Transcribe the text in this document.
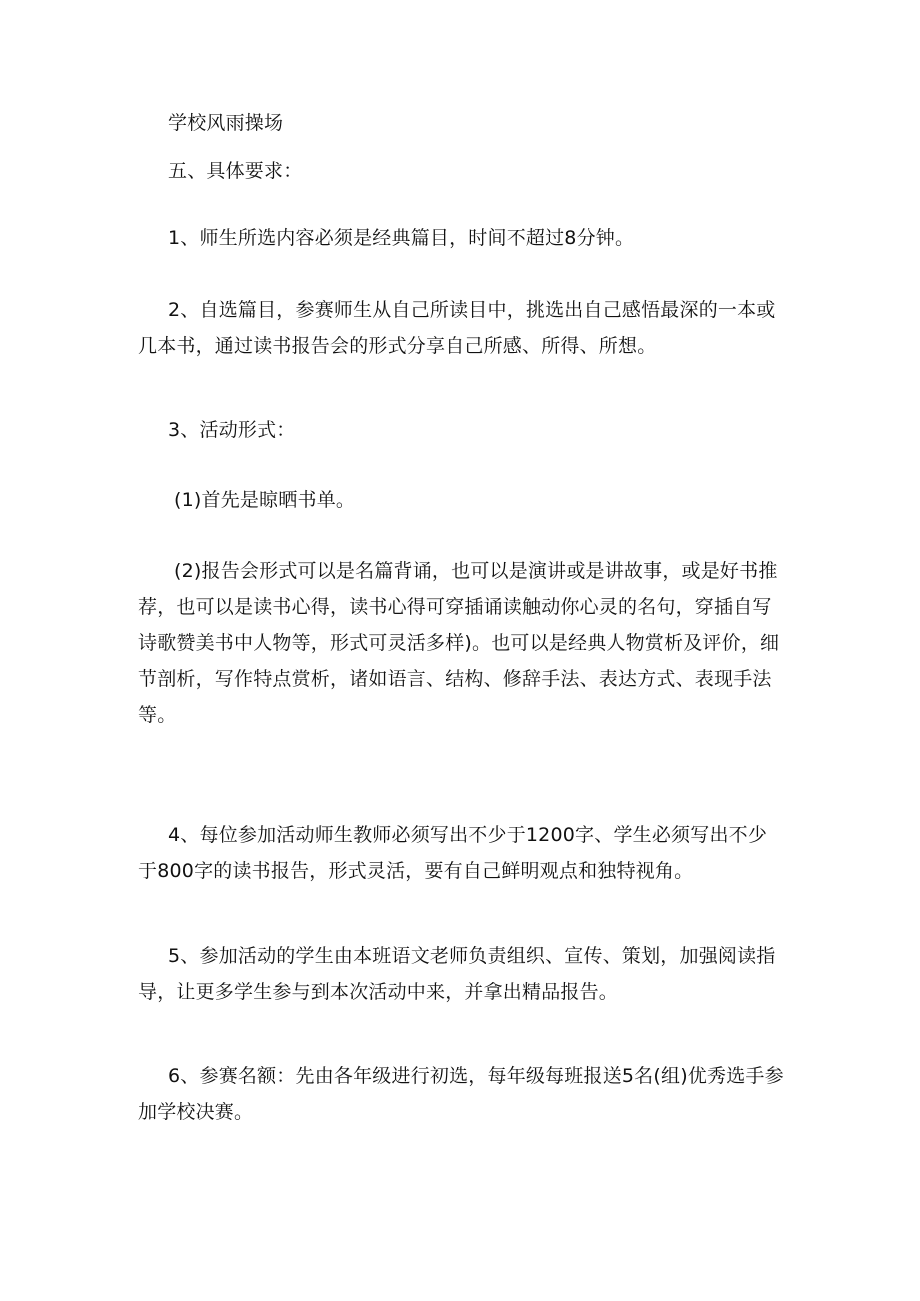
学校风雨操场

五、具体要求：

1、师生所选内容必须是经典篇目，时间不超过8分钟。

2、自选篇目，参赛师生从自己所读目中，挑选出自己感悟最深的一本或几本书，通过读书报告会的形式分享自己所感、所得、所想。

3、活动形式：

(1)首先是晾晒书单。

(2)报告会形式可以是名篇背诵，也可以是演讲或是讲故事，或是好书推荐，也可以是读书心得，读书心得可穿插诵读触动你心灵的名句，穿插自写诗歌赞美书中人物等，形式可灵活多样)。也可以是经典人物赏析及评价，细节剖析，写作特点赏析，诸如语言、结构、修辞手法、表达方式、表现手法等。

4、每位参加活动师生教师必须写出不少于1200字、学生必须写出不少于800字的读书报告，形式灵活，要有自己鲜明观点和独特视角。

5、参加活动的学生由本班语文老师负责组织、宣传、策划，加强阅读指导，让更多学生参与到本次活动中来，并拿出精品报告。

6、参赛名额：先由各年级进行初选，每年级每班报送5名(组)优秀选手参加学校决赛。
